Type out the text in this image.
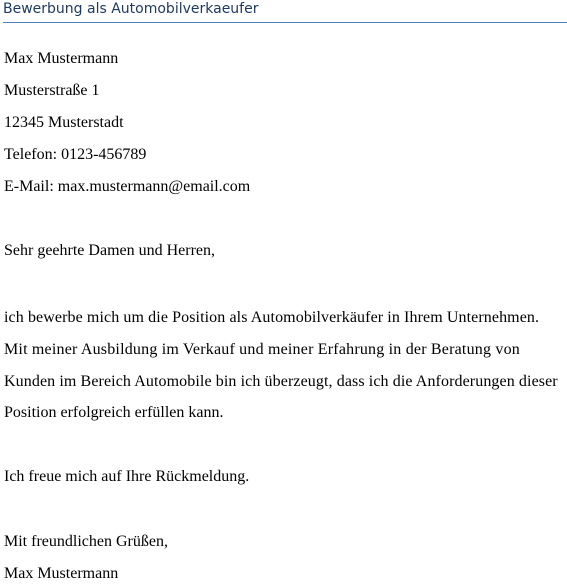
Bewerbung als Automobilverkaeufer
Max Mustermann
Musterstraße 1
12345 Musterstadt
Telefon: 0123-456789
E-Mail: max.mustermann@email.com
Sehr geehrte Damen und Herren,
ich bewerbe mich um die Position als Automobilverkäufer in Ihrem Unternehmen.
Mit meiner Ausbildung im Verkauf und meiner Erfahrung in der Beratung von
Kunden im Bereich Automobile bin ich überzeugt, dass ich die Anforderungen dieser
Position erfolgreich erfüllen kann.
Ich freue mich auf Ihre Rückmeldung.
Mit freundlichen Grüßen,
Max Mustermann
